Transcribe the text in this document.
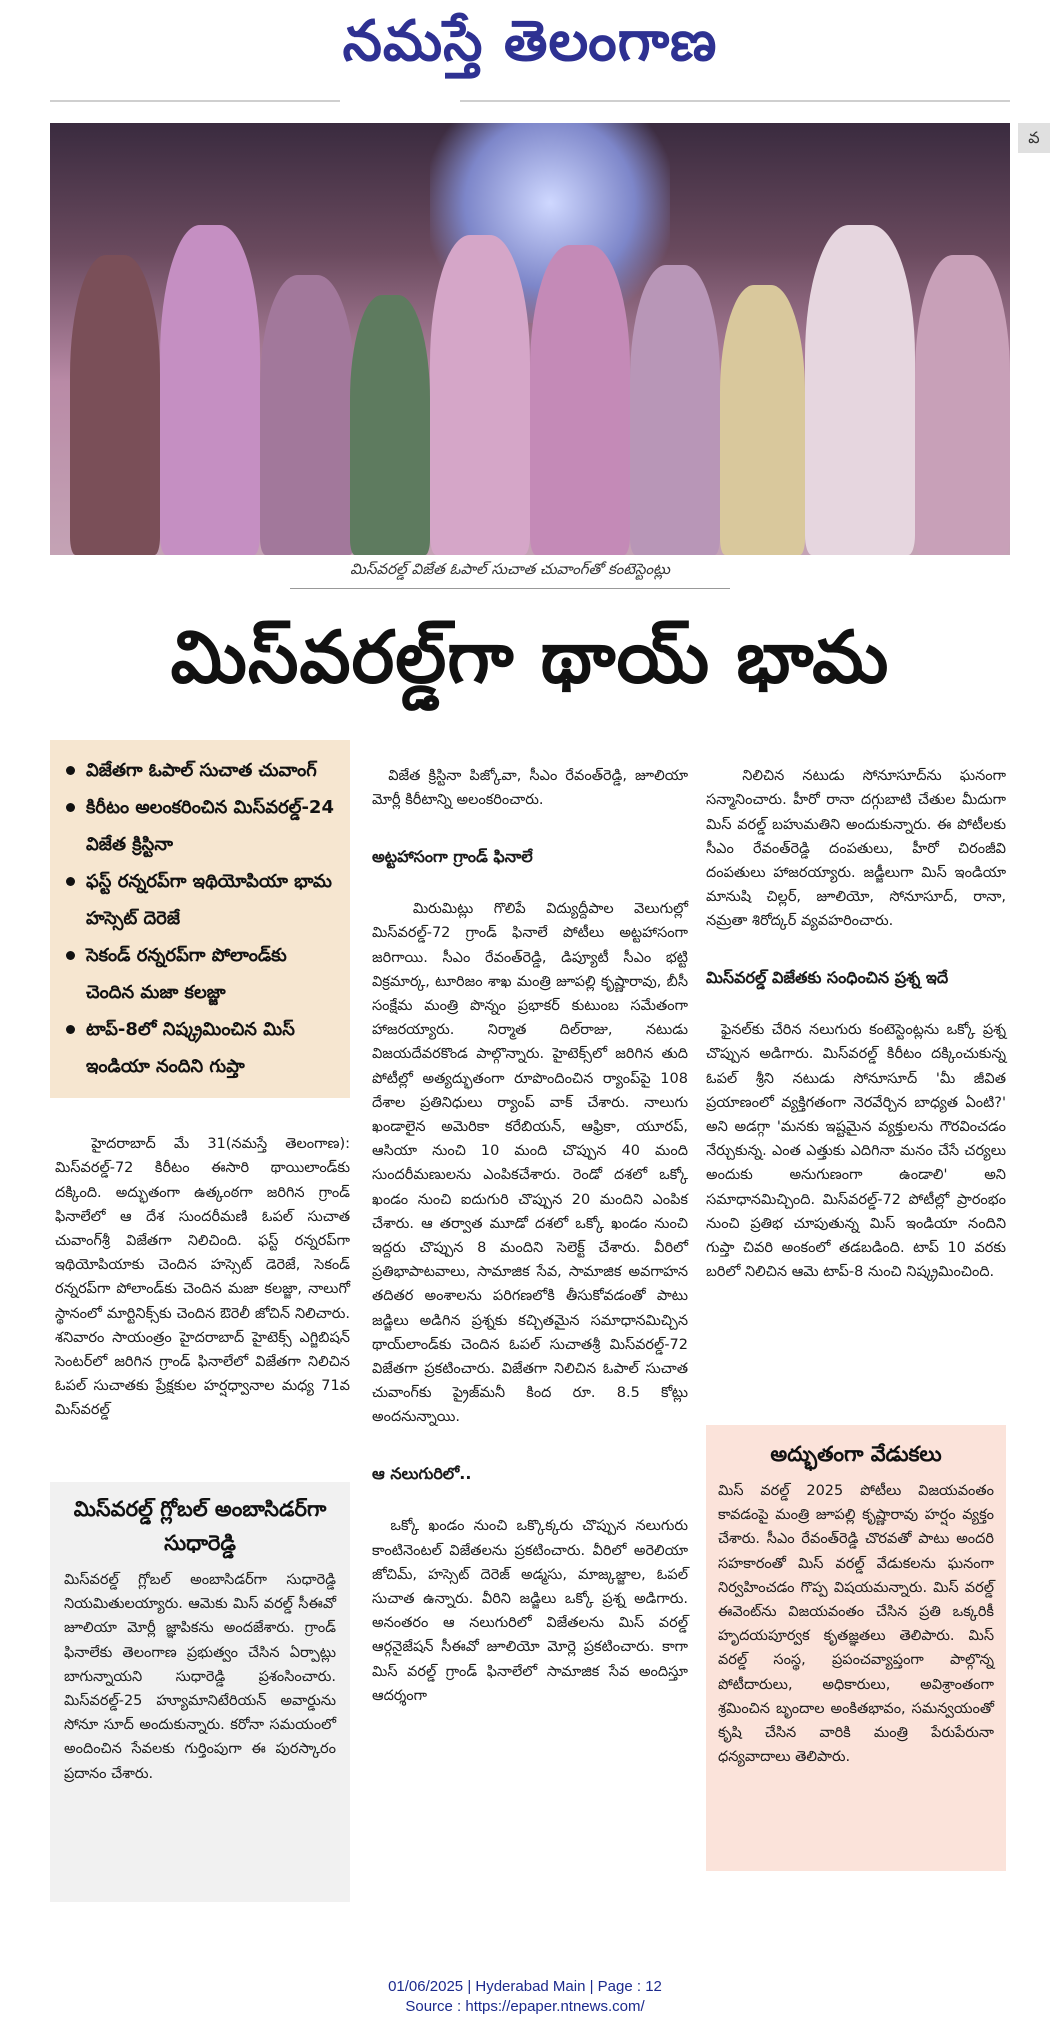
నమస్తే తెలంగాణ
వ
మిస్‌వరల్డ్ విజేత ఓపాల్ సుచాత చువాంగ్‌తో కంటెస్టెంట్లు
మిస్‌వరల్డ్‌గా థాయ్ భామ
విజేతగా ఓపాల్ సుచాత చువాంగ్
కిరీటం అలంకరించిన మిస్‌వరల్డ్-24 విజేత క్రిస్టినా
ఫస్ట్ రన్నరప్‌గా ఇథియోపియా భామ హస్సెట్ దెరెజే
సెకండ్ రన్నరప్‌గా పోలాండ్‌కు చెందిన మజా కలజ్జా
టాప్-8లో నిష్క్రమించిన మిస్ ఇండియా నందిని గుప్తా

హైదరాబాద్ మే 31(నమస్తే తెలంగాణ): మిస్‌వరల్డ్-72 కిరీటం ఈసారి థాయిలాండ్‌కు దక్కింది. అద్భుతంగా ఉత్కంఠగా జరిగిన గ్రాండ్ ఫినాలేలో ఆ దేశ సుందరీమణి ఓపల్ సుచాత చువాంగ్‌శ్రీ విజేతగా నిలిచింది. ఫస్ట్ రన్నరప్‌గా ఇథియోపియాకు చెందిన హస్సెట్ డెరెజే, సెకండ్ రన్నరప్‌గా పోలాండ్‌కు చెందిన మజా కలజ్జా, నాలుగో స్థానంలో మార్టినిక్స్‌కు చెందిన ఔరెలీ జోచిన్ నిలిచారు. శనివారం సాయంత్రం హైదరాబాద్ హైటెక్స్ ఎగ్జిబిషన్ సెంటర్‌లో జరిగిన గ్రాండ్ ఫినాలేలో విజేతగా నిలిచిన ఓపల్ సుచాతకు ప్రేక్షకుల హర్షధ్వానాల మధ్య 71వ మిస్‌వరల్డ్

మిస్‌వరల్డ్ గ్లోబల్ అంబాసిడర్‌గా సుధారెడ్డి
మిస్‌వరల్డ్ గ్లోబల్ అంబాసిడర్‌గా సుధారెడ్డి నియమితులయ్యారు. ఆమెకు మిస్ వరల్డ్ సీఈవో జూలియా మోర్లీ జ్ఞాపికను అందజేశారు. గ్రాండ్ ఫినాలేకు తెలంగాణ ప్రభుత్వం చేసిన ఏర్పాట్లు బాగున్నాయని సుధారెడ్డి ప్రశంసించారు. మిస్‌వరల్డ్-25 హ్యూమానిటేరియన్ అవార్డును సోనూ సూద్ అందుకున్నారు. కరోనా సమయంలో అందించిన సేవలకు గుర్తింపుగా ఈ పురస్కారం ప్రదానం చేశారు.

విజేత క్రిస్టినా పిజ్కోవా, సీఎం రేవంత్‌రెడ్డి, జూలియా మోర్లీ కిరీటాన్ని అలంకరించారు.

అట్టహాసంగా గ్రాండ్ ఫినాలే

మిరుమిట్లు గొలిపే విద్యుద్దీపాల వెలుగుల్లో మిస్‌వరల్డ్-72 గ్రాండ్ ఫినాలే పోటీలు అట్టహాసంగా జరిగాయి. సీఎం రేవంత్‌రెడ్డి, డిప్యూటీ సీఎం భట్టి విక్రమార్క, టూరిజం శాఖ మంత్రి జూపల్లి కృష్ణారావు, బీసీ సంక్షేమ మంత్రి పొన్నం ప్రభాకర్ కుటుంబ సమేతంగా హాజరయ్యారు. నిర్మాత దిల్‌రాజు, నటుడు విజయదేవరకొండ పాల్గొన్నారు. హైటెక్స్‌లో జరిగిన తుది పోటీల్లో అత్యద్భుతంగా రూపొందించిన ర్యాంప్‌పై 108 దేశాల ప్రతినిధులు ర్యాంప్ వాక్ చేశారు. నాలుగు ఖండాలైన అమెరికా కరేబియన్, ఆఫ్రికా, యూరప్, ఆసియా నుంచి 10 మంది చొప్పున 40 మంది సుందరీమణులను ఎంపికచేశారు. రెండో దశలో ఒక్కో ఖండం నుంచి ఐదుగురి చొప్పున 20 మందిని ఎంపిక చేశారు. ఆ తర్వాత మూడో దశలో ఒక్కో ఖండం నుంచి ఇద్దరు చొప్పున 8 మందిని సెలెక్ట్ చేశారు. వీరిలో ప్రతిభాపాటవాలు, సామాజిక సేవ, సామాజిక అవగాహన తదితర అంశాలను పరిగణలోకి తీసుకోవడంతో పాటు జడ్జిలు అడిగిన ప్రశ్నకు కచ్చితమైన సమాధానమిచ్చిన థాయ్‌లాండ్‌కు చెందిన ఓపల్ సుచాతశ్రీ మిస్‌వరల్డ్-72 విజేతగా ప్రకటించారు. విజేతగా నిలిచిన ఓపాల్ సుచాత చువాంగ్‌కు ప్రైజ్‌మనీ కింద రూ. 8.5 కోట్లు అందనున్నాయి.

ఆ నలుగురిలో..

ఒక్కో ఖండం నుంచి ఒక్కొక్కరు చొప్పున నలుగురు కాంటినెంటల్ విజేతలను ప్రకటించారు. వీరిలో అరెలియా జోచిమ్, హస్సెట్ దెరెజ్ అడ్మసు, మాజ్కజ్జాల, ఓపల్ సుచాత ఉన్నారు. వీరిని జడ్జిలు ఒక్కో ప్రశ్న అడిగారు. అనంతరం ఆ నలుగురిలో విజేతలను మిస్ వరల్డ్ ఆర్గనైజేషన్ సీఈవో జూలియో మోర్లె ప్రకటించారు. కాగా మిస్ వరల్డ్ గ్రాండ్ ఫినాలేలో సామాజిక సేవ అందిస్తూ ఆదర్శంగా

నిలిచిన నటుడు సోనూసూద్‌ను ఘనంగా సన్మానించారు. హీరో రానా దగ్గుబాటి చేతుల మీదుగా మిస్ వరల్డ్ బహుమతిని అందుకున్నారు. ఈ పోటీలకు సీఎం రేవంత్‌రెడ్డి దంపతులు, హీరో చిరంజీవి దంపతులు హాజరయ్యారు. జడ్జీలుగా మిస్ ఇండియా మానుషి చిల్లర్, జూలియో, సోనూసూద్, రానా, నమ్రతా శిరోద్కర్ వ్యవహరించారు.

మిస్‌వరల్డ్ విజేతకు సంధించిన ప్రశ్న ఇదే

ఫైనల్‌కు చేరిన నలుగురు కంటెస్టెంట్లను ఒక్కో ప్రశ్న చొప్పున అడిగారు. మిస్‌వరల్డ్ కిరీటం దక్కించుకున్న ఓపల్ శ్రీని నటుడు సోనూసూద్ 'మీ జీవిత ప్రయాణంలో వ్యక్తిగతంగా నెరవేర్చిన బాధ్యత ఏంటి?' అని అడగ్గా 'మనకు ఇష్టమైన వ్యక్తులను గౌరవించడం నేర్చుకున్న. ఎంత ఎత్తుకు ఎదిగినా మనం చేసే చర్యలు అందుకు అనుగుణంగా ఉండాలి' అని సమాధానమిచ్చింది. మిస్‌వరల్డ్-72 పోటీల్లో ప్రారంభం నుంచి ప్రతిభ చూపుతున్న మిస్ ఇండియా నందిని గుప్తా చివరి అంకంలో తడబడింది. టాప్ 10 వరకు బరిలో నిలిచిన ఆమె టాప్-8 నుంచి నిష్క్రమించింది.

అద్భుతంగా వేడుకలు
మిస్ వరల్డ్ 2025 పోటీలు విజయవంతం కావడంపై మంత్రి జూపల్లి కృష్ణారావు హర్షం వ్యక్తం చేశారు. సీఎం రేవంత్‌రెడ్డి చొరవతో పాటు అందరి సహకారంతో మిస్ వరల్డ్ వేడుకలను ఘనంగా నిర్వహించడం గొప్ప విషయమన్నారు. మిస్ వరల్డ్ ఈవెంట్‌ను విజయవంతం చేసిన ప్రతి ఒక్కరికీ హృదయపూర్వక కృతజ్ఞతలు తెలిపారు. మిస్ వరల్డ్ సంస్థ, ప్రపంచవ్యాప్తంగా పాల్గొన్న పోటీదారులు, అధికారులు, అవిశ్రాంతంగా శ్రమించిన బృందాల అంకితభావం, సమన్వయంతో కృషి చేసిన వారికి మంత్రి పేరుపేరునా ధన్యవాదాలు తెలిపారు.
01/06/2025 | Hyderabad Main | Page : 12
Source : https://epaper.ntnews.com/
